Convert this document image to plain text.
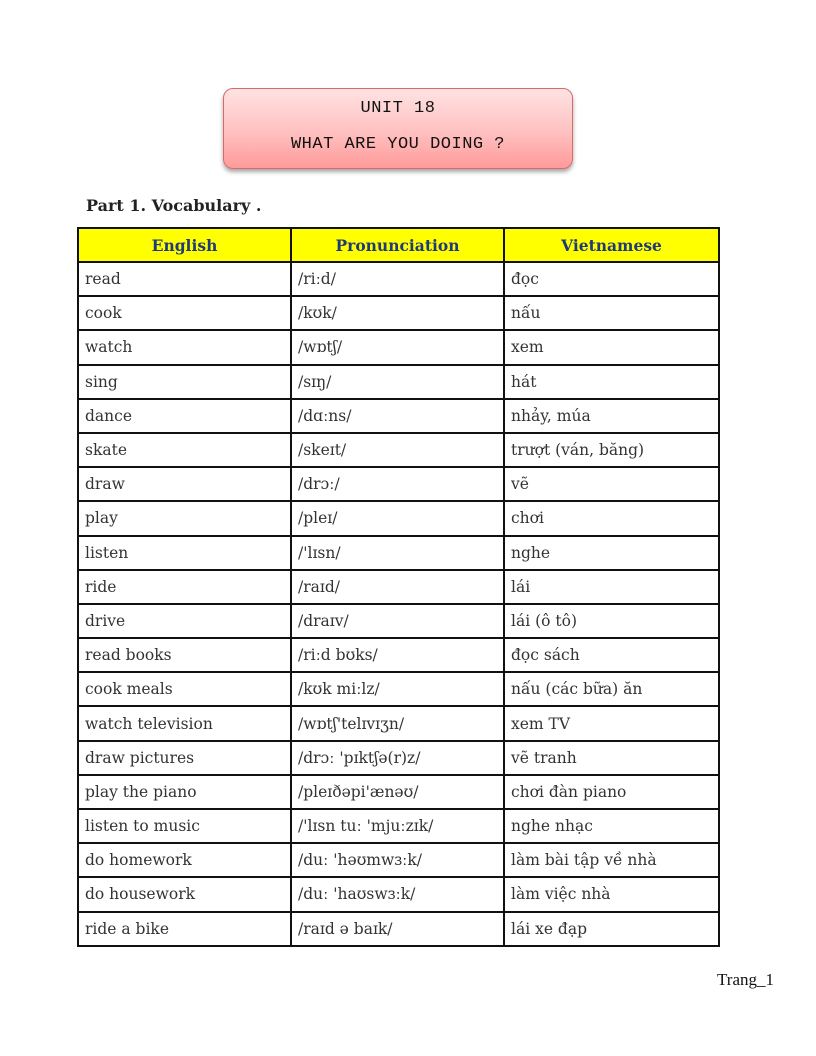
UNIT 18
WHAT ARE YOU DOING ?
Part 1. Vocabulary .
English	Pronunciation	Vietnamese
read	/riːd/	đọc
cook	/kʊk/	nấu
watch	/wɒtʃ/	xem
sing	/sɪŋ/	hát
dance	/dɑːns/	nhảy, múa
skate	/skeɪt/	trượt (ván, băng)
draw	/drɔː/	vẽ
play	/pleɪ/	chơi
listen	/'lɪsn/	nghe
ride	/raɪd/	lái
drive	/draɪv/	lái (ô tô)
read books	/riːd bʊks/	đọc sách
cook meals	/kʊk miːlz/	nấu (các bữa) ăn
watch television	/wɒtʃ'telɪvɪʒn/	xem TV
draw pictures	/drɔː 'pɪktʃə(r)z/	vẽ tranh
play the piano	/pleɪðəpi'ænəʊ/	chơi đàn piano
listen to music	/'lɪsn tuː 'mjuːzɪk/	nghe nhạc
do homework	/duː 'həʊmwɜːk/	làm bài tập về nhà
do housework	/duː 'haʊswɜːk/	làm việc nhà
ride a bike	/raɪd ə baɪk/	lái xe đạp
Trang_1
